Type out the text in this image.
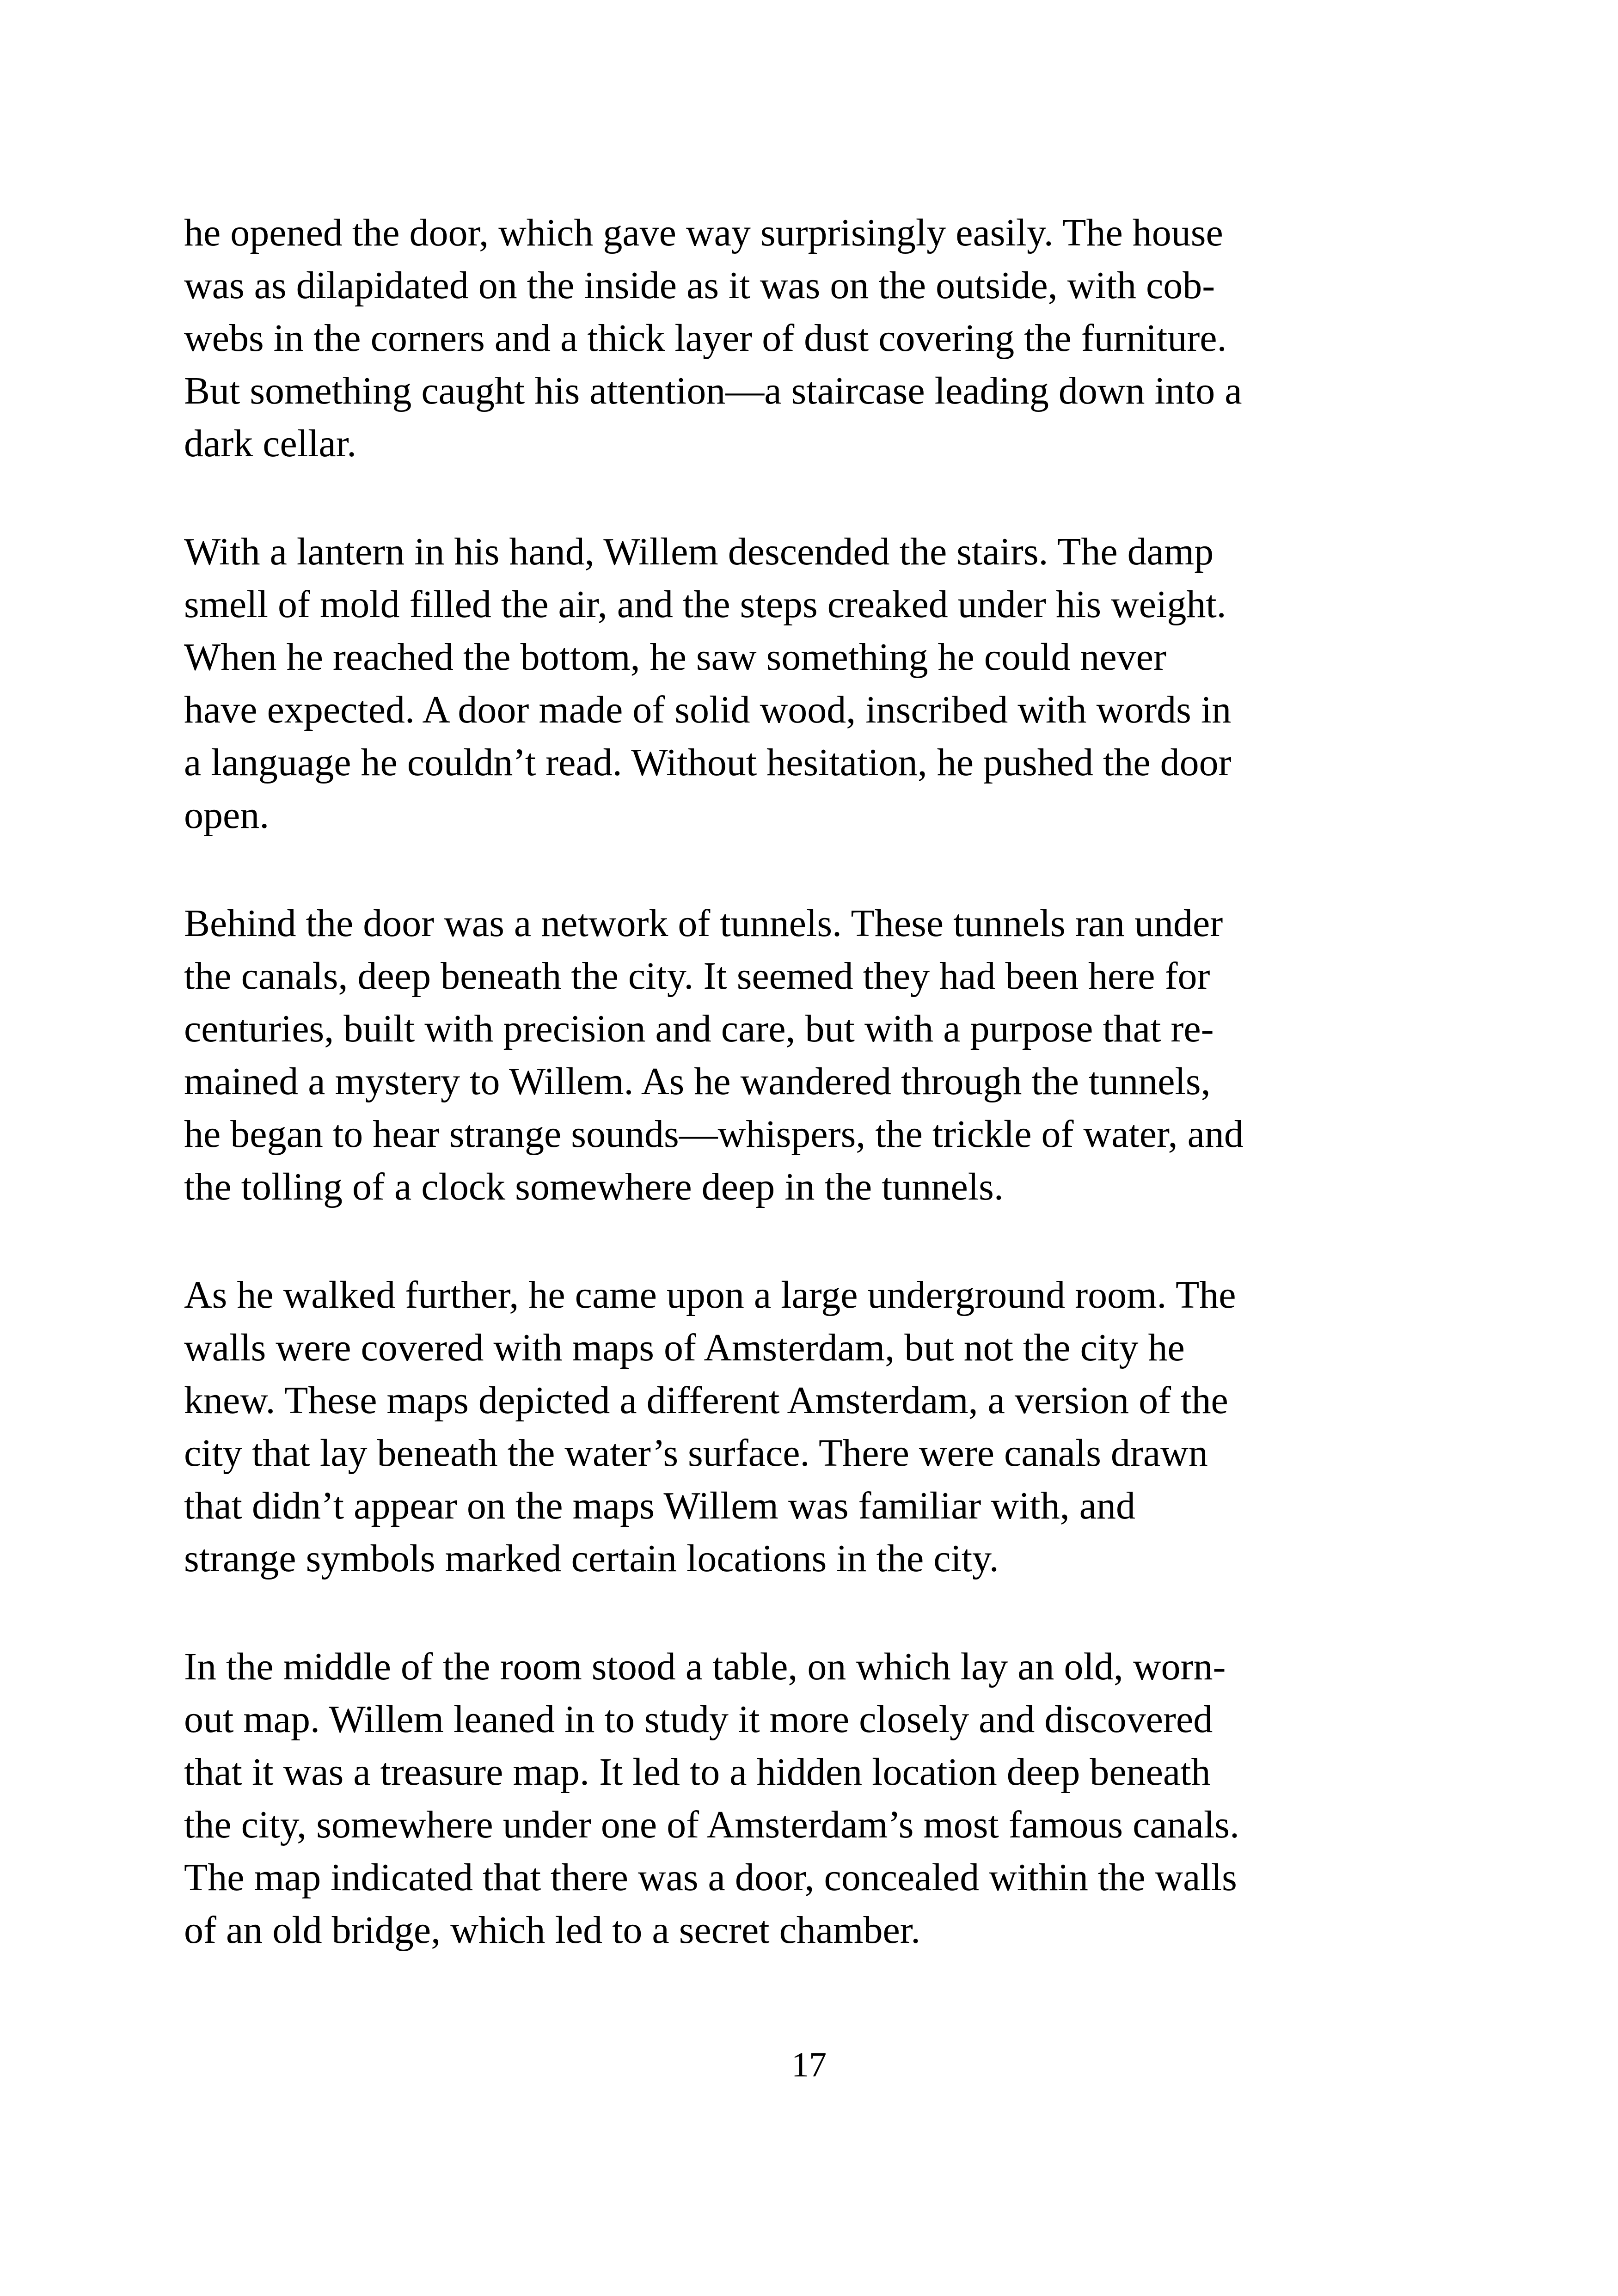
he opened the door, which gave way surprisingly easily. The house
was as dilapidated on the inside as it was on the outside, with cob-
webs in the corners and a thick layer of dust covering the furniture.
But something caught his attention—a staircase leading down into a
dark cellar.

With a lantern in his hand, Willem descended the stairs. The damp
smell of mold filled the air, and the steps creaked under his weight.
When he reached the bottom, he saw something he could never
have expected. A door made of solid wood, inscribed with words in
a language he couldn’t read. Without hesitation, he pushed the door
open.

Behind the door was a network of tunnels. These tunnels ran under
the canals, deep beneath the city. It seemed they had been here for
centuries, built with precision and care, but with a purpose that re-
mained a mystery to Willem. As he wandered through the tunnels,
he began to hear strange sounds—whispers, the trickle of water, and
the tolling of a clock somewhere deep in the tunnels.

As he walked further, he came upon a large underground room. The
walls were covered with maps of Amsterdam, but not the city he
knew. These maps depicted a different Amsterdam, a version of the
city that lay beneath the water’s surface. There were canals drawn
that didn’t appear on the maps Willem was familiar with, and
strange symbols marked certain locations in the city.

In the middle of the room stood a table, on which lay an old, worn-
out map. Willem leaned in to study it more closely and discovered
that it was a treasure map. It led to a hidden location deep beneath
the city, somewhere under one of Amsterdam’s most famous canals.
The map indicated that there was a door, concealed within the walls
of an old bridge, which led to a secret chamber.

17
